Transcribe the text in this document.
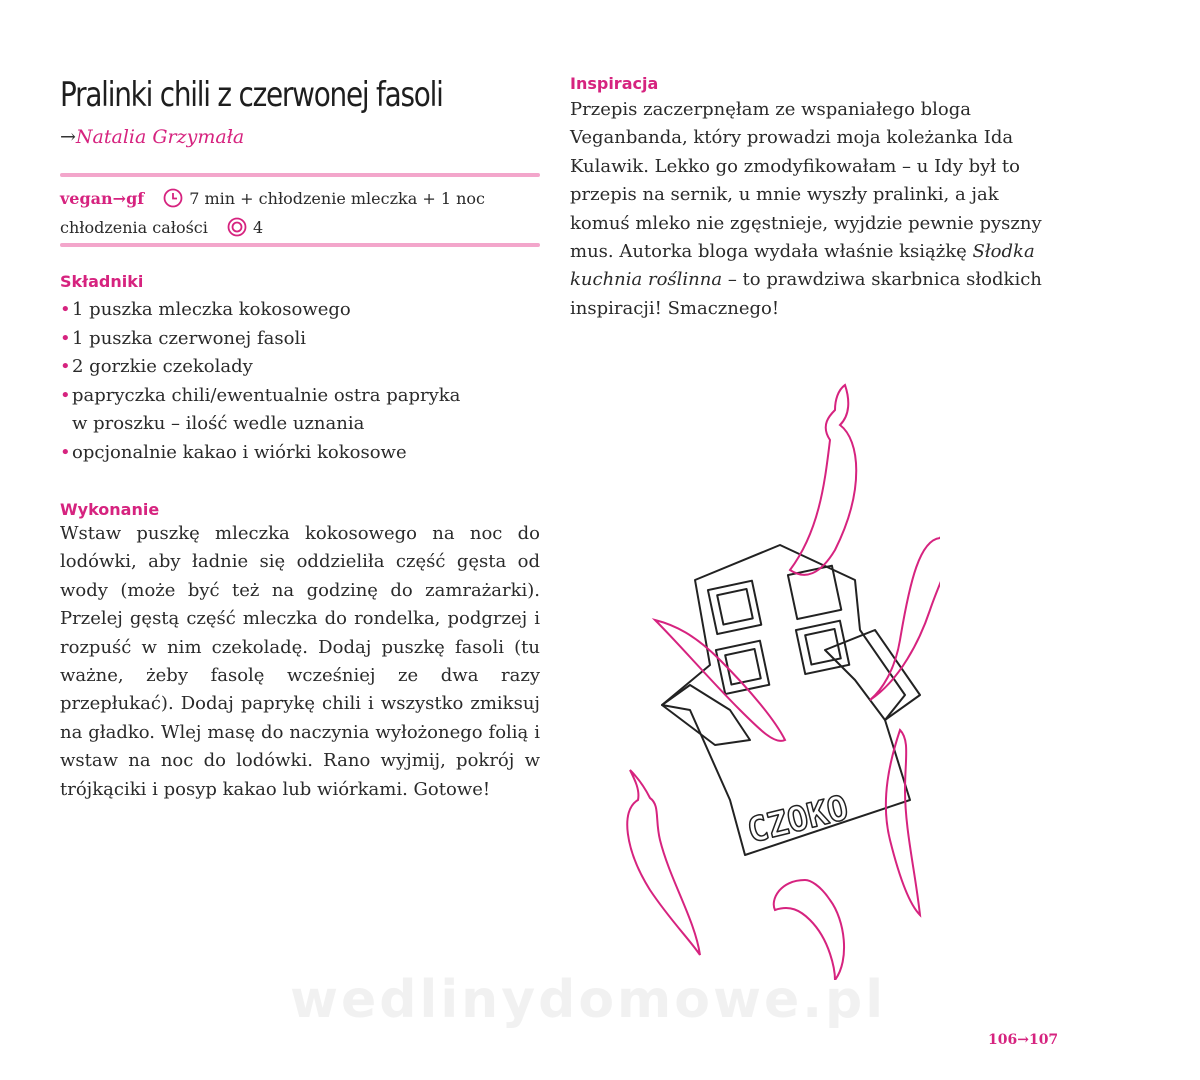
Pralinki chili z czerwonej fasoli
→Natalia Grzymała
vegan→gf	7 min + chłodzenie mleczka + 1 noc
chłodzenia całości	4
Składniki
• 1 puszka mleczka kokosowego
• 1 puszka czerwonej fasoli
• 2 gorzkie czekolady
• papryczka chili/ewentualnie ostra papryka
w proszku – ilość wedle uznania
• opcjonalnie kakao i wiórki kokosowe
Wykonanie
Wstaw puszkę mleczka kokosowego na noc do lodówki, aby ładnie się oddzieliła część gęsta od wody (może być też na godzinę do zamrażarki). Przelej gęstą część mleczka do rondelka, podgrzej i rozpuść w nim czekoladę. Dodaj puszkę fasoli (tu ważne, żeby fasolę wcześniej ze dwa razy przepłukać). Dodaj paprykę chili i wszystko zmiksuj na gładko. Wlej masę do naczynia wyłożonego folią i wstaw na noc do lodówki. Rano wyjmij, pokrój w trójkąciki i posyp kakao lub wiórkami. Gotowe!
Inspiracja
Przepis zaczerpnęłam ze wspaniałego bloga Veganbanda, który prowadzi moja koleżanka Ida Kulawik. Lekko go zmodyfikowałam – u Idy był to przepis na sernik, u mnie wyszły pralinki, a jak komuś mleko nie zgęstnieje, wyjdzie pewnie pyszny mus. Autorka bloga wydała właśnie książkę Słodka kuchnia roślinna – to prawdziwa skarbnica słodkich inspiracji! Smacznego!
CZOKO
wedlinydomowe.pl
106→107
